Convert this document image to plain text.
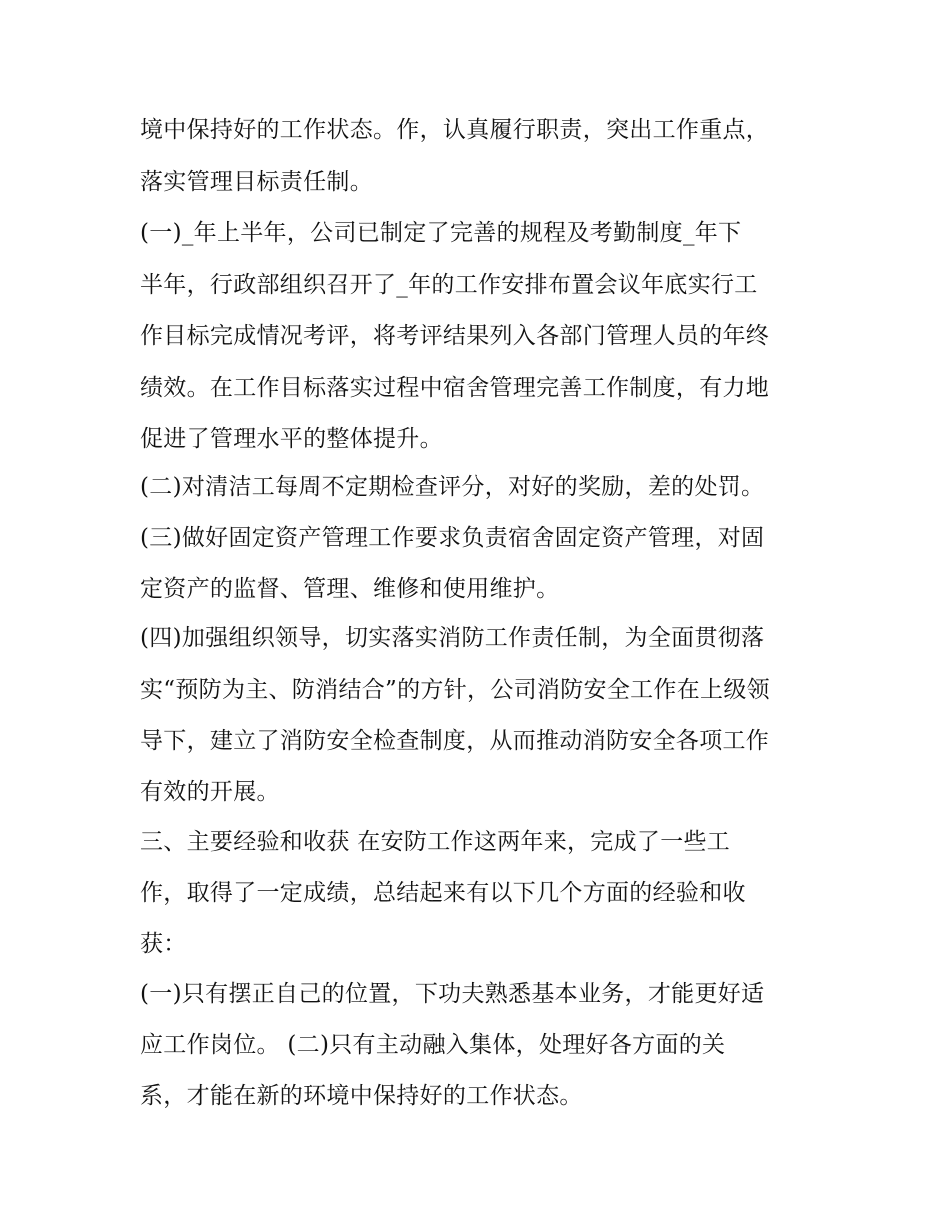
境中保持好的工作状态。作，认真履行职责，突出工作重点，

落实管理目标责任制。

(一)_年上半年，公司已制定了完善的规程及考勤制度_年下

半年，行政部组织召开了_年的工作安排布置会议年底实行工

作目标完成情况考评，将考评结果列入各部门管理人员的年终

绩效。在工作目标落实过程中宿舍管理完善工作制度，有力地

促进了管理水平的整体提升。

(二)对清洁工每周不定期检查评分，对好的奖励，差的处罚。

(三)做好固定资产管理工作要求负责宿舍固定资产管理，对固

定资产的监督、管理、维修和使用维护。

(四)加强组织领导，切实落实消防工作责任制，为全面贯彻落

实“预防为主、防消结合”的方针，公司消防安全工作在上级领

导下，建立了消防安全检查制度，从而推动消防安全各项工作

有效的开展。

三、主要经验和收获 在安防工作这两年来，完成了一些工

作，取得了一定成绩，总结起来有以下几个方面的经验和收

获：

(一)只有摆正自己的位置，下功夫熟悉基本业务，才能更好适

应工作岗位。 (二)只有主动融入集体，处理好各方面的关

系，才能在新的环境中保持好的工作状态。
